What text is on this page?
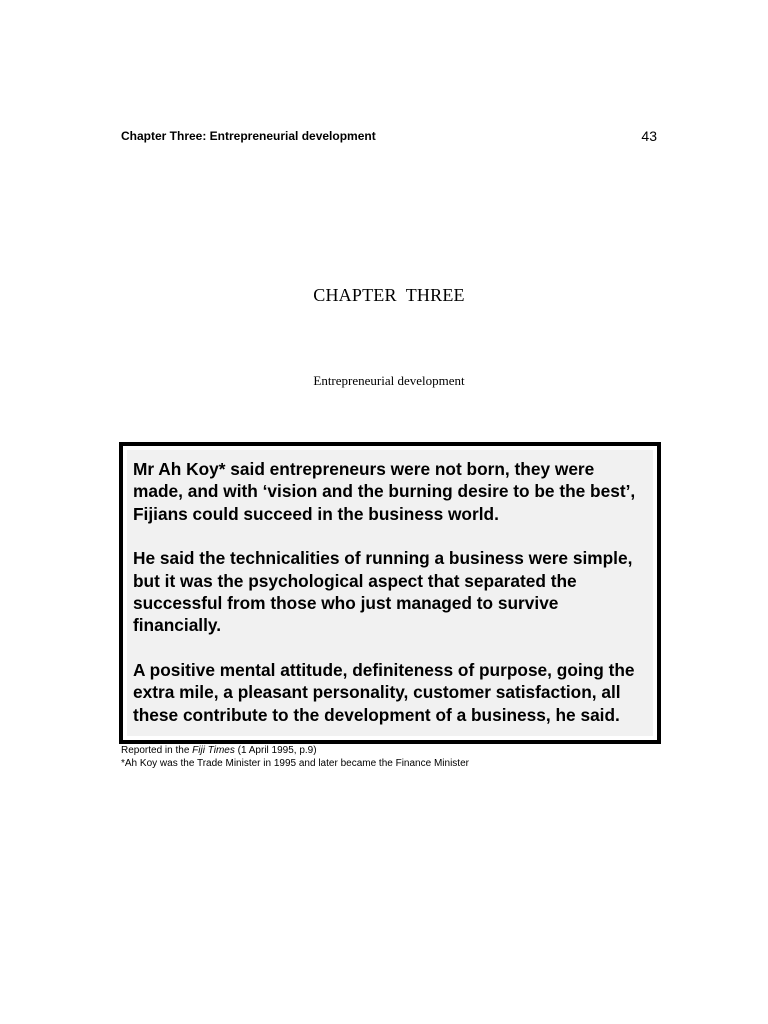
Chapter Three: Entrepreneurial development	43
CHAPTER  THREE
Entrepreneurial development

Mr Ah Koy* said entrepreneurs were not born, they were made, and with ‘vision and the burning desire to be the best’, Fijians could succeed in the business world.

He said the technicalities of running a business were simple, but it was the psychological aspect that separated the successful from those who just managed to survive financially.

A positive mental attitude, definiteness of purpose, going the extra mile, a pleasant personality, customer satisfaction, all these contribute to the development of a business, he said.

Reported in the Fiji Times (1 April 1995, p.9)
*Ah Koy was the Trade Minister in 1995 and later became the Finance Minister
